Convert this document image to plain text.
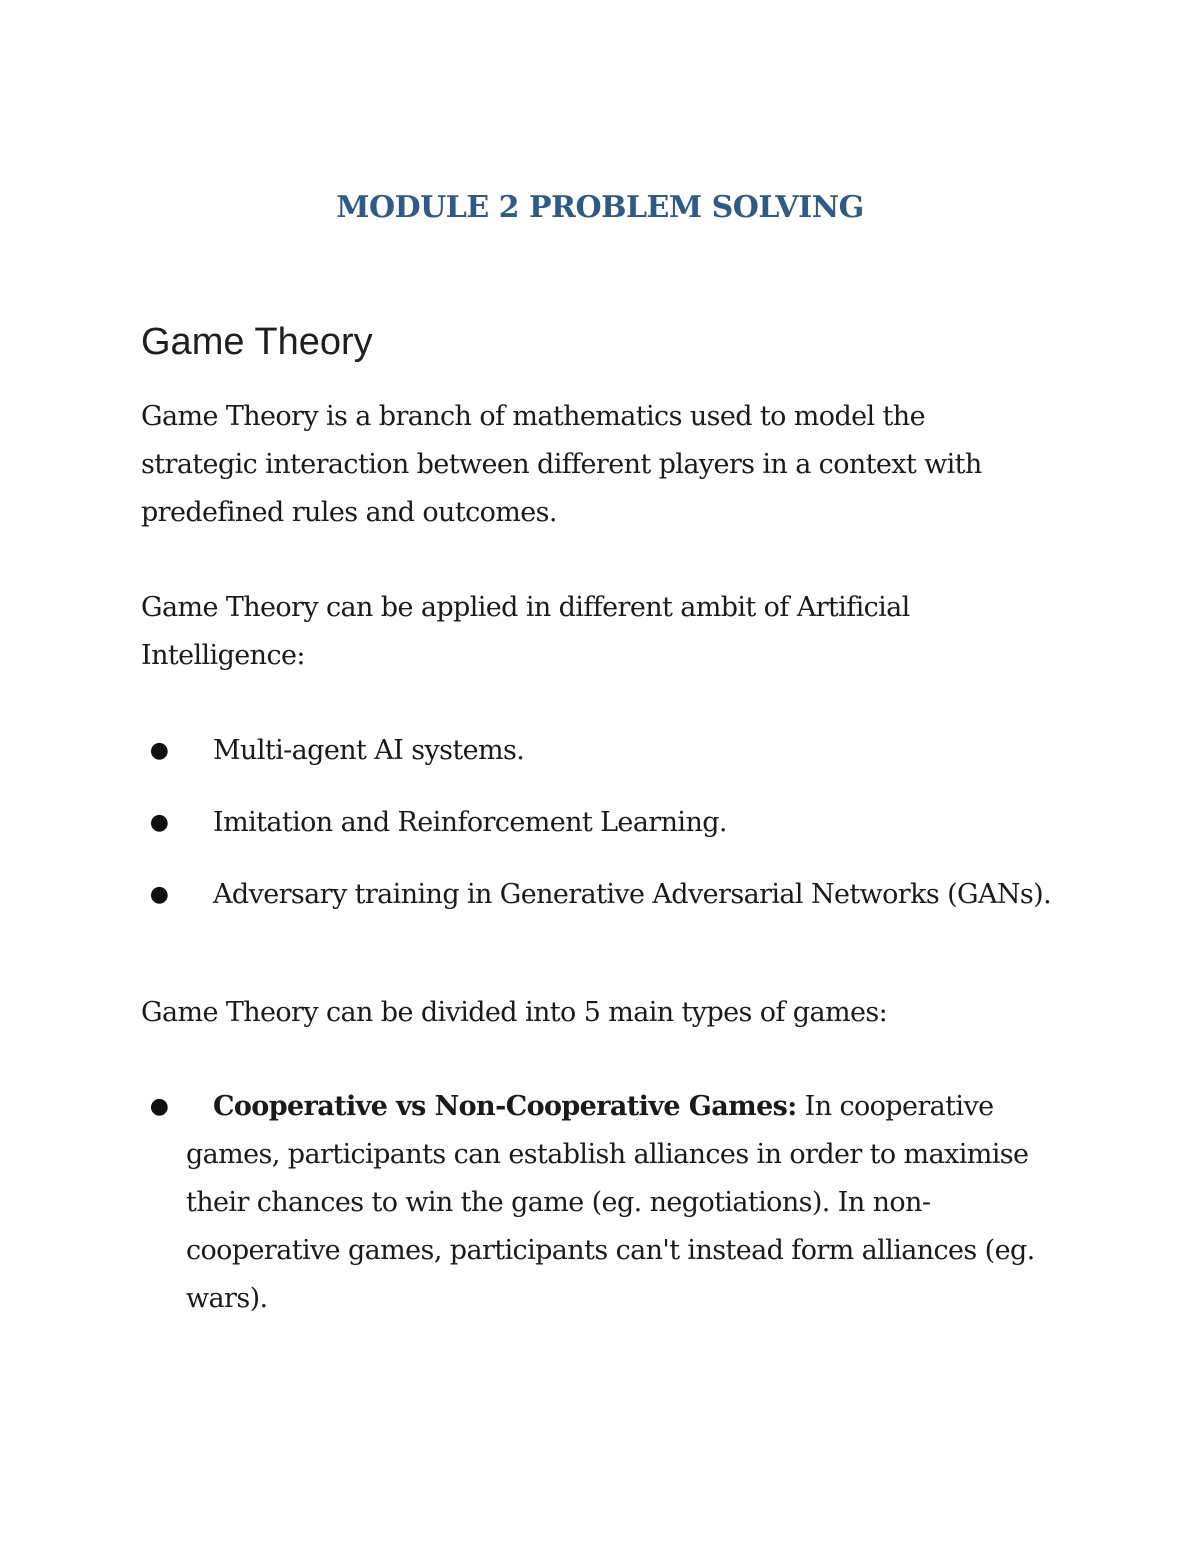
MODULE 2 PROBLEM SOLVING
Game Theory

Game Theory is a branch of mathematics used to model the strategic interaction between different players in a context with predefined rules and outcomes.

Game Theory can be applied in different ambit of Artificial Intelligence:

● Multi-agent AI systems.
● Imitation and Reinforcement Learning.
● Adversary training in Generative Adversarial Networks (GANs).

Game Theory can be divided into 5 main types of games:

● Cooperative vs Non-Cooperative Games: In cooperative games, participants can establish alliances in order to maximise their chances to win the game (eg. negotiations). In non-cooperative games, participants can't instead form alliances (eg. wars).
